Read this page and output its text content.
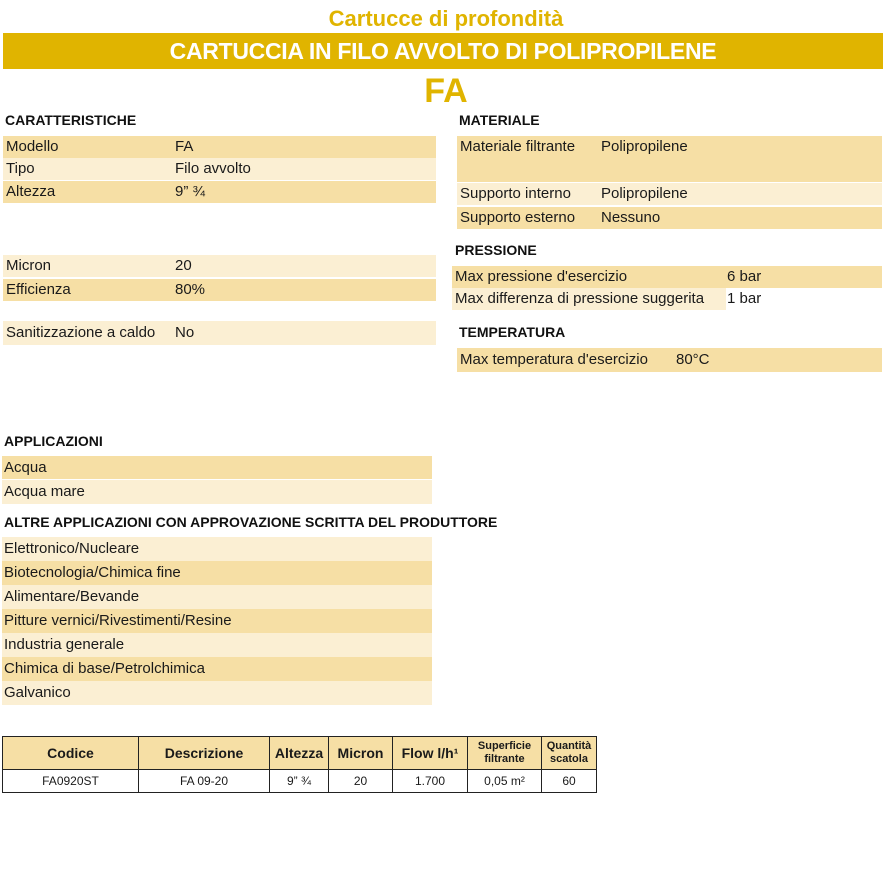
Cartucce di profondità
CARTUCCIA IN FILO AVVOLTO DI POLIPROPILENE
FA
CARATTERISTICHE
Modello	FA
Tipo	Filo avvolto
Altezza	9” ¾
Micron	20
Efficienza	80%
Sanitizzazione a caldo No
MATERIALE
Materiale filtrante Polipropilene
Supporto interno Polipropilene
Supporto esterno Nessuno
PRESSIONE
Max pressione d'esercizio	6 bar
Max differenza di pressione suggerita 1 bar
TEMPERATURA
Max temperatura d'esercizio 80°C
APPLICAZIONI
Acqua
Acqua mare
ALTRE APPLICAZIONI CON APPROVAZIONE SCRITTA DEL PRODUTTORE
Elettronico/Nucleare
Biotecnologia/Chimica fine
Alimentare/Bevande
Pitture vernici/Rivestimenti/Resine
Industria generale
Chimica di base/Petrolchimica
Galvanico
Codice	Descrizione	Altezza	Micron	Flow l/h¹	Superficie filtrante	Quantità scatola
FA0920ST	FA 09-20	9” ¾	20	1.700	0,05 m²	60
